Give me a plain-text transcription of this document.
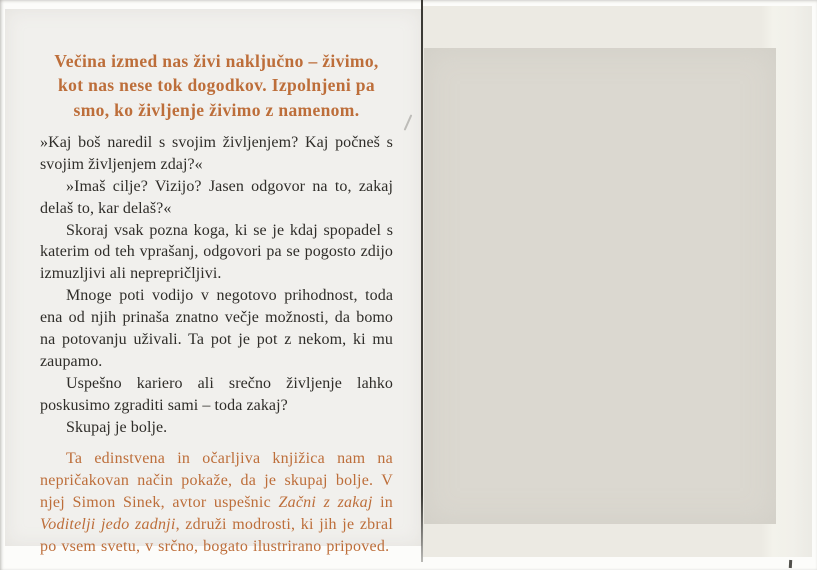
Večina izmed nas živi naključno – živimo,
kot nas nese tok dogodkov. Izpolnjeni pa
smo, ko življenje živimo z namenom.

»Kaj boš naredil s svojim življenjem? Kaj počneš s svojim življenjem zdaj?«

»Imaš cilje? Vizijo? Jasen odgovor na to, zakaj delaš to, kar delaš?«

Skoraj vsak pozna koga, ki se je kdaj spopadel s katerim od teh vprašanj, odgovori pa se pogosto zdijo izmuzljivi ali neprepričljivi.

Mnoge poti vodijo v negotovo prihodnost, toda ena od njih prinaša znatno večje možnosti, da bomo na potovanju uživali. Ta pot je pot z nekom, ki mu zaupamo.

Uspešno kariero ali srečno življenje lahko poskusimo zgraditi sami – toda zakaj?

Skupaj je bolje.

Ta edinstvena in očarljiva knjižica nam na nepričakovan način pokaže, da je skupaj bolje. V njej Simon Sinek, avtor uspešnic Začni z zakaj in Voditelji jedo zadnji, združi modrosti, ki jih je zbral po vsem svetu, v srčno, bogato ilustrirano pripoved.
